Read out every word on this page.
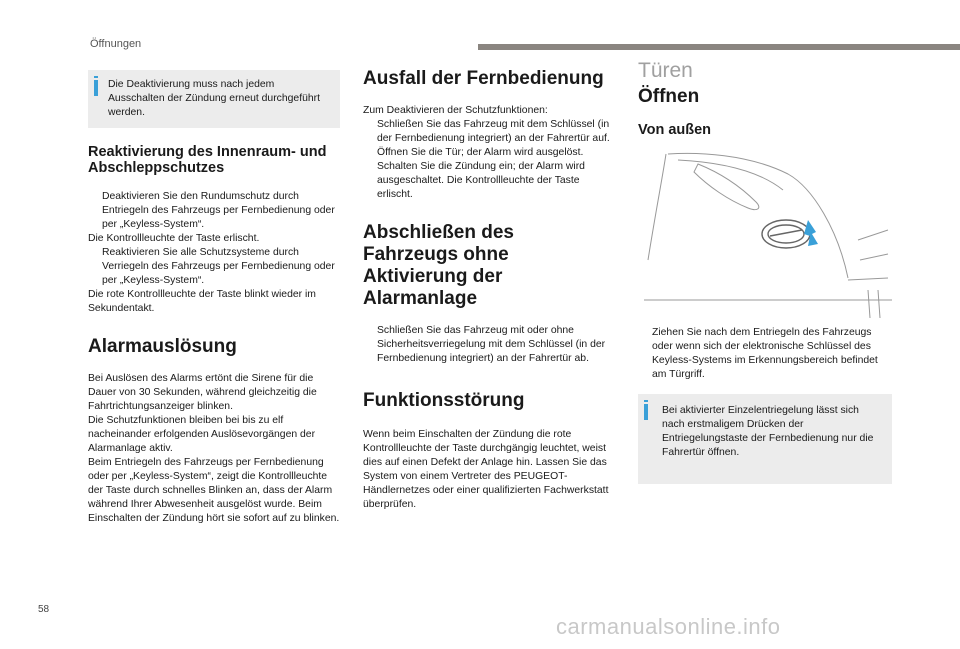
Öffnungen

Die Deaktivierung muss nach jedem Ausschalten der Zündung erneut durchgeführt werden.

Reaktivierung des Innenraum- und Abschleppschutzes

Deaktivieren Sie den Rundumschutz durch Entriegeln des Fahrzeugs per Fernbedienung oder per „Keyless-System“.

Die Kontrollleuchte der Taste erlischt.

Reaktivieren Sie alle Schutzsysteme durch Verriegeln des Fahrzeugs per Fernbedienung oder per „Keyless-System“.

Die rote Kontrollleuchte der Taste blinkt wieder im Sekundentakt.

Alarmauslösung

Bei Auslösen des Alarms ertönt die Sirene für die Dauer von 30 Sekunden, während gleichzeitig die Fahrtrichtungsanzeiger blinken.

Die Schutzfunktionen bleiben bei bis zu elf nacheinander erfolgenden Auslösevorgängen der Alarmanlage aktiv.

Beim Entriegeln des Fahrzeugs per Fernbedienung oder per „Keyless-System“, zeigt die Kontrollleuchte der Taste durch schnelles Blinken an, dass der Alarm während Ihrer Abwesenheit ausgelöst wurde. Beim Einschalten der Zündung hört sie sofort auf zu blinken.

Ausfall der Fernbedienung

Zum Deaktivieren der Schutzfunktionen:

Schließen Sie das Fahrzeug mit dem Schlüssel (in der Fernbedienung integriert) an der Fahrertür auf.

Öffnen Sie die Tür; der Alarm wird ausgelöst.

Schalten Sie die Zündung ein; der Alarm wird ausgeschaltet. Die Kontrollleuchte der Taste erlischt.

Abschließen des Fahrzeugs ohne Aktivierung der Alarmanlage

Schließen Sie das Fahrzeug mit oder ohne Sicherheitsverriegelung mit dem Schlüssel (in der Fernbedienung integriert) an der Fahrertür ab.

Funktionsstörung

Wenn beim Einschalten der Zündung die rote Kontrollleuchte der Taste durchgängig leuchtet, weist dies auf einen Defekt der Anlage hin. Lassen Sie das System von einem Vertreter des PEUGEOT-Händlernetzes oder einer qualifizierten Fachwerkstatt überprüfen.

Türen
Öffnen
Von außen

Ziehen Sie nach dem Entriegeln des Fahrzeugs oder wenn sich der elektronische Schlüssel des Keyless-Systems im Erkennungsbereich befindet am Türgriff.

Bei aktivierter Einzelentriegelung lässt sich nach erstmaligem Drücken der Entriegelungstaste der Fernbedienung nur die Fahrertür öffnen.

58
carmanualsonline.info
